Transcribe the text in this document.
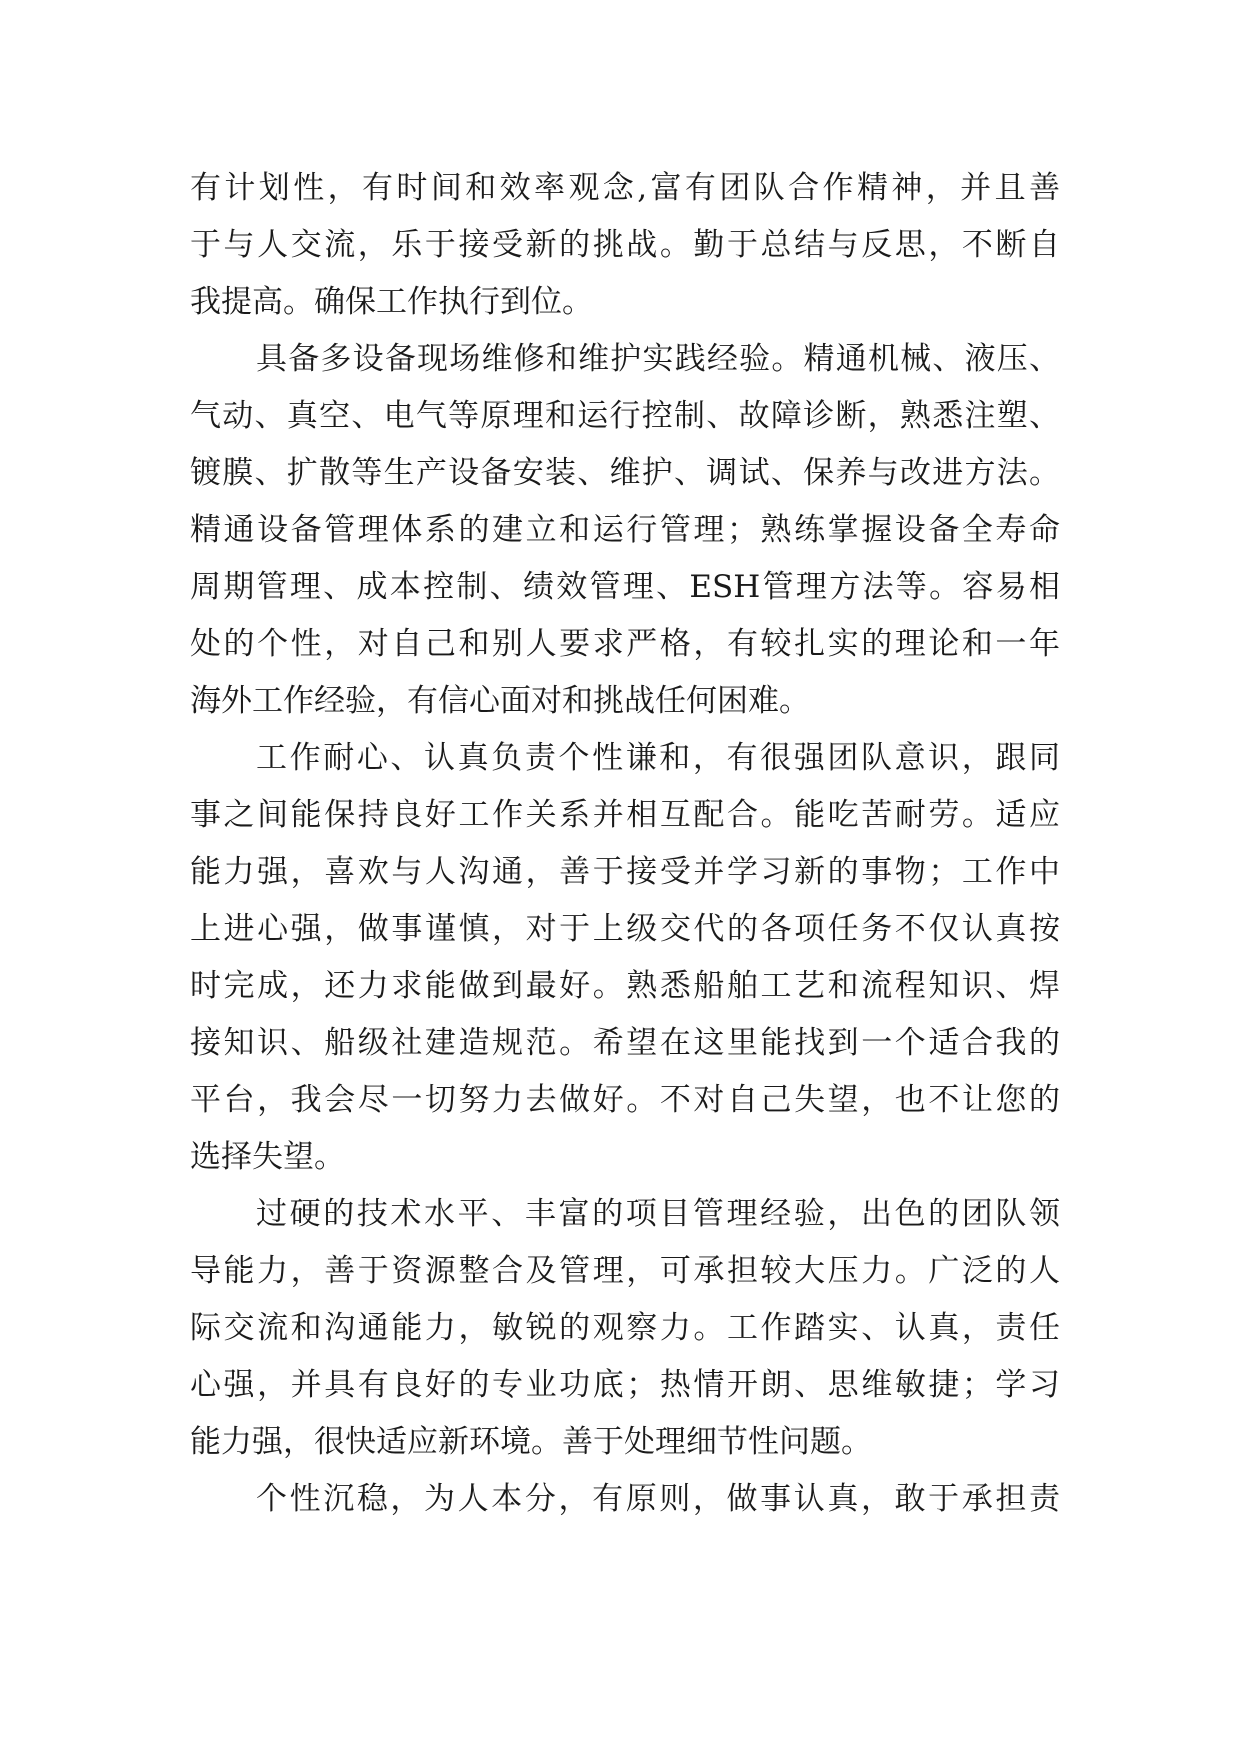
有计划性，有时间和效率观念,富有团队合作精神，并且善
于与人交流，乐于接受新的挑战。勤于总结与反思，不断自
我提高。确保工作执行到位。
具备多设备现场维修和维护实践经验。精通机械、液压、
气动、真空、电气等原理和运行控制、故障诊断，熟悉注塑、
镀膜、扩散等生产设备安装、维护、调试、保养与改进方法。
精通设备管理体系的建立和运行管理；熟练掌握设备全寿命
周期管理、成本控制、绩效管理、ESH管理方法等。容易相
处的个性，对自己和别人要求严格，有较扎实的理论和一年
海外工作经验，有信心面对和挑战任何困难。
工作耐心、认真负责个性谦和，有很强团队意识，跟同
事之间能保持良好工作关系并相互配合。能吃苦耐劳。适应
能力强，喜欢与人沟通，善于接受并学习新的事物；工作中
上进心强，做事谨慎，对于上级交代的各项任务不仅认真按
时完成，还力求能做到最好。熟悉船舶工艺和流程知识、焊
接知识、船级社建造规范。希望在这里能找到一个适合我的
平台，我会尽一切努力去做好。不对自己失望，也不让您的
选择失望。
过硬的技术水平、丰富的项目管理经验，出色的团队领
导能力，善于资源整合及管理，可承担较大压力。广泛的人
际交流和沟通能力，敏锐的观察力。工作踏实、认真，责任
心强，并具有良好的专业功底；热情开朗、思维敏捷；学习
能力强，很快适应新环境。善于处理细节性问题。
个性沉稳，为人本分，有原则，做事认真，敢于承担责
